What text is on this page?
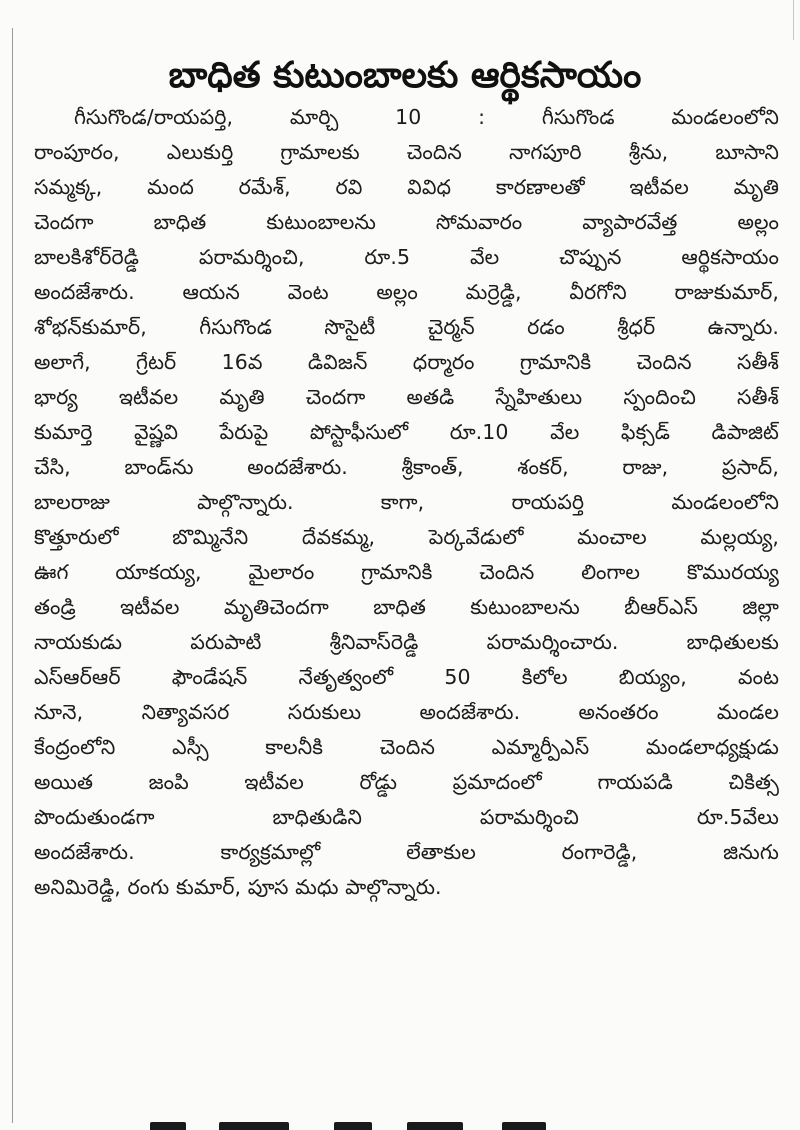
బాధిత కుటుంబాలకు ఆర్థికసాయం
గీసుగొండ/రాయపర్తి, మార్చి 10 : గీసుగొండ మండలంలోని
రాంపూరం, ఎలుకుర్తి గ్రామాలకు చెందిన నాగపూరి శ్రీను, బూసాని
సమ్మక్క, మంద రమేశ్, రవి వివిధ కారణాలతో ఇటీవల మృతి
చెందగా బాధిత కుటుంబాలను సోమవారం వ్యాపారవేత్త అల్లం
బాలకిశోర్‌రెడ్డి పరామర్శించి, రూ.5 వేల చొప్పున ఆర్థికసాయం
అందజేశారు. ఆయన వెంట అల్లం మర్రెడ్డి, వీరగోని రాజుకుమార్,
శోభన్‌కుమార్, గీసుగొండ సొసైటీ చైర్మన్ రడం శ్రీధర్ ఉన్నారు.
అలాగే, గ్రేటర్ 16వ డివిజన్ ధర్మారం గ్రామానికి చెందిన సతీశ్
భార్య ఇటీవల మృతి చెందగా అతడి స్నేహితులు స్పందించి సతీశ్
కుమార్తె వైష్ణవి పేరుపై పోస్టాఫీసులో రూ.10 వేల ఫిక్సడ్ డిపాజిట్
చేసి, బాండ్‌ను అందజేశారు. శ్రీకాంత్, శంకర్, రాజు, ప్రసాద్,
బాలరాజు పాల్గొన్నారు. కాగా, రాయపర్తి మండలంలోని
కొత్తూరులో బొమ్మినేని దేవకమ్మ, పెర్కవేడులో మంచాల మల్లయ్య,
ఊగ యాకయ్య, మైలారం గ్రామానికి చెందిన లింగాల కొమురయ్య
తండ్రి ఇటీవల మృతిచెందగా బాధిత కుటుంబాలను బీఆర్ఎస్ జిల్లా
నాయకుడు పరుపాటి శ్రీనివాస్‌రెడ్డి పరామర్శించారు. బాధితులకు
ఎస్ఆర్ఆర్ ఫౌండేషన్ నేతృత్వంలో 50 కిలోల బియ్యం, వంట
నూనె, నిత్యావసర సరుకులు అందజేశారు. అనంతరం మండల
కేంద్రంలోని ఎస్సీ కాలనీకి చెందిన ఎమ్మార్పీఎస్ మండలాధ్యక్షుడు
అయిత జంపి ఇటీవల రోడ్డు ప్రమాదంలో గాయపడి చికిత్స
పొందుతుండగా బాధితుడిని పరామర్శించి రూ.5వేలు
అందజేశారు. కార్యక్రమాల్లో లేతాకుల రంగారెడ్డి, జినుగు
అనిమిరెడ్డి, రంగు కుమార్, పూస మధు పాల్గొన్నారు.
